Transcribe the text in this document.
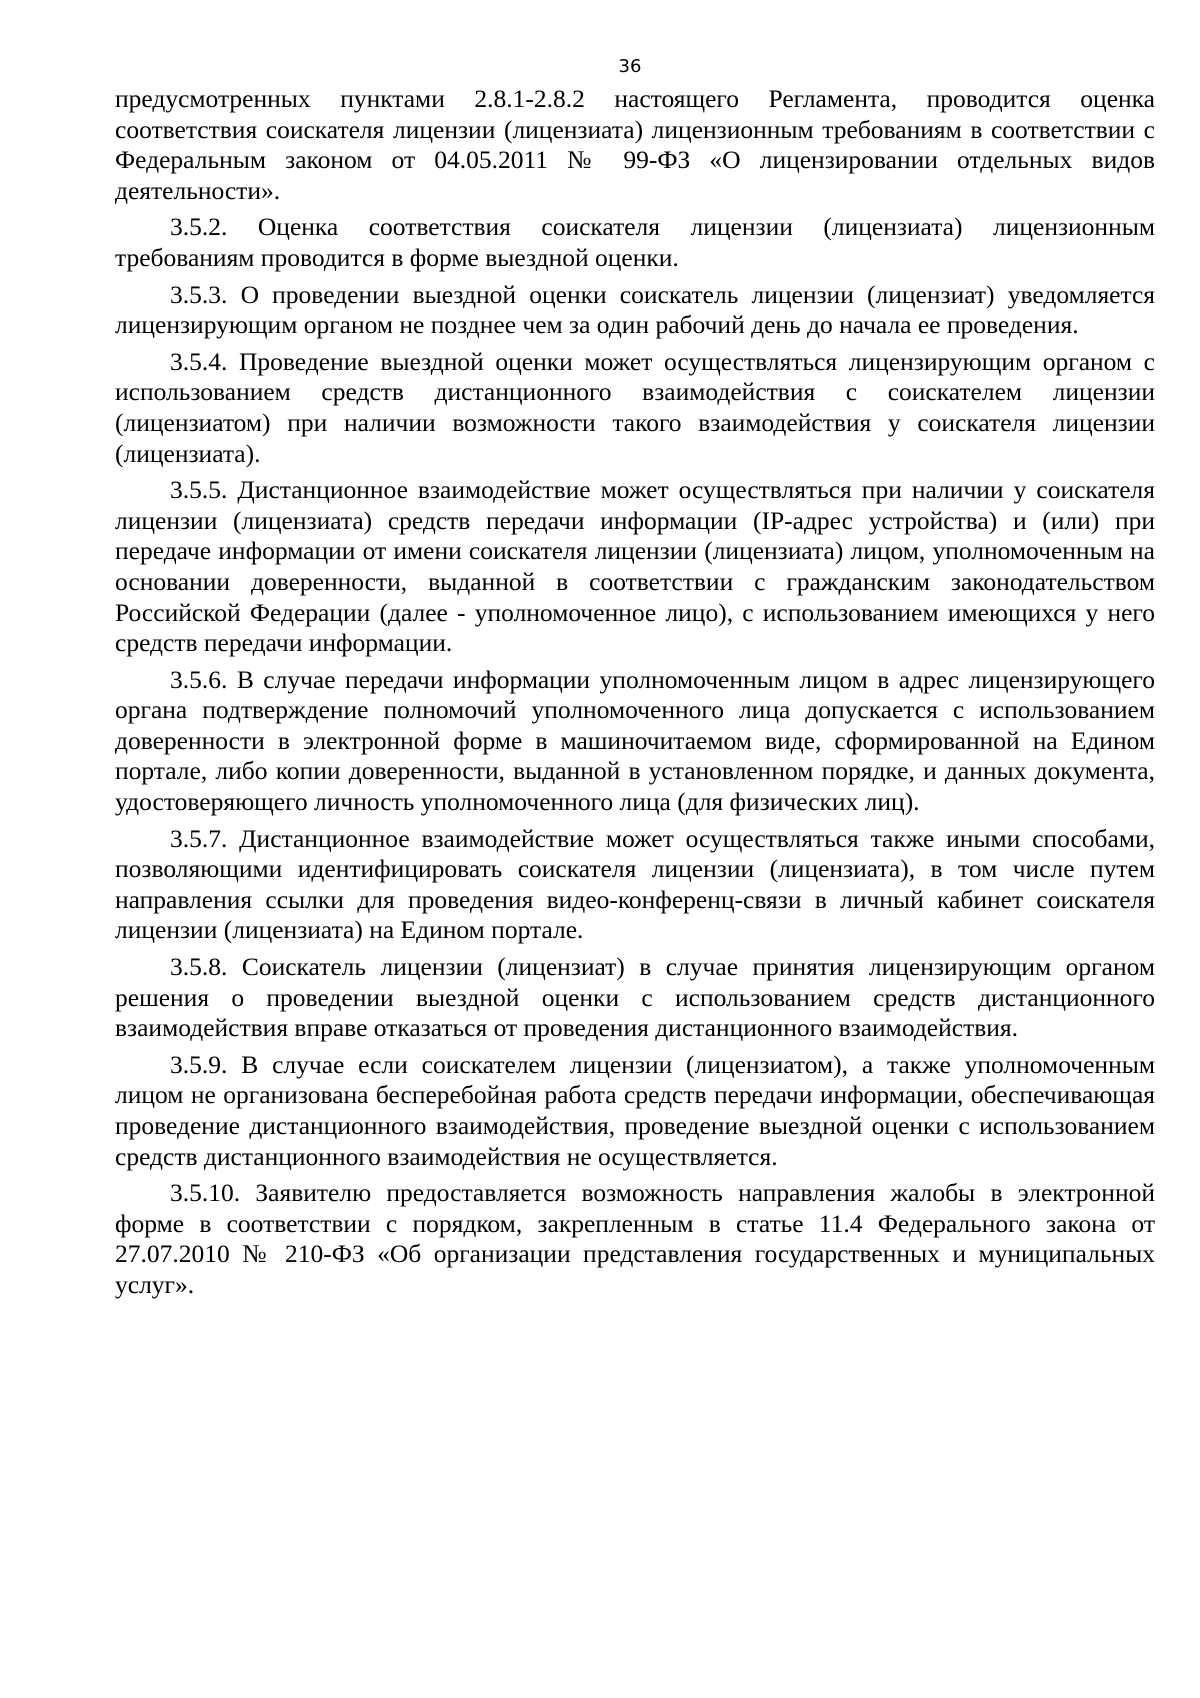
36

предусмотренных пунктами 2.8.1-2.8.2 настоящего Регламента, проводится оценка соответствия соискателя лицензии (лицензиата) лицензионным требованиям в соответствии с Федеральным законом от 04.05.2011 № 99-ФЗ «О лицензировании отдельных видов деятельности».

3.5.2. Оценка соответствия соискателя лицензии (лицензиата) лицензионным требованиям проводится в форме выездной оценки.

3.5.3. О проведении выездной оценки соискатель лицензии (лицензиат) уведомляется лицензирующим органом не позднее чем за один рабочий день до начала ее проведения.

3.5.4. Проведение выездной оценки может осуществляться лицензирующим органом с использованием средств дистанционного взаимодействия с соискателем лицензии (лицензиатом) при наличии возможности такого взаимодействия у соискателя лицензии (лицензиата).

3.5.5. Дистанционное взаимодействие может осуществляться при наличии у соискателя лицензии (лицензиата) средств передачи информации (IP-адрес устройства) и (или) при передаче информации от имени соискателя лицензии (лицензиата) лицом, уполномоченным на основании доверенности, выданной в соответствии с гражданским законодательством Российской Федерации (далее - уполномоченное лицо), с использованием имеющихся у него средств передачи информации.

3.5.6. В случае передачи информации уполномоченным лицом в адрес лицензирующего органа подтверждение полномочий уполномоченного лица допускается с использованием доверенности в электронной форме в машиночитаемом виде, сформированной на Едином портале, либо копии доверенности, выданной в установленном порядке, и данных документа, удостоверяющего личность уполномоченного лица (для физических лиц).

3.5.7. Дистанционное взаимодействие может осуществляться также иными способами, позволяющими идентифицировать соискателя лицензии (лицензиата), в том числе путем направления ссылки для проведения видео-конференц-связи в личный кабинет соискателя лицензии (лицензиата) на Едином портале.

3.5.8. Соискатель лицензии (лицензиат) в случае принятия лицензирующим органом решения о проведении выездной оценки с использованием средств дистанционного взаимодействия вправе отказаться от проведения дистанционного взаимодействия.

3.5.9. В случае если соискателем лицензии (лицензиатом), а также уполномоченным лицом не организована бесперебойная работа средств передачи информации, обеспечивающая проведение дистанционного взаимодействия, проведение выездной оценки с использованием средств дистанционного взаимодействия не осуществляется.

3.5.10. Заявителю предоставляется возможность направления жалобы в электронной форме в соответствии с порядком, закрепленным в статье 11.4 Федерального закона от 27.07.2010 № 210-ФЗ «Об организации представления государственных и муниципальных услуг».
